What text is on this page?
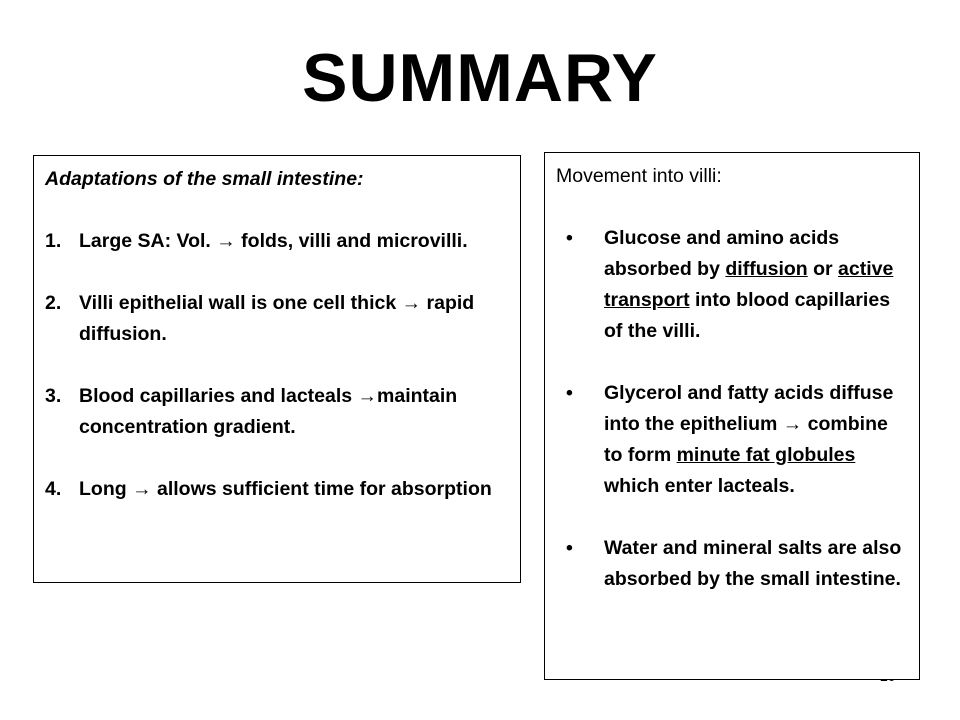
SUMMARY
Adaptations of the small intestine:
1. Large SA: Vol. → folds, villi and microvilli.
2. Villi epithelial wall is one cell thick → rapid diffusion.
3. Blood capillaries and lacteals →maintain concentration gradient.
4. Long → allows sufficient time for absorption
Movement into villi:
•	Glucose and amino acids absorbed by diffusion or active transport into blood capillaries of the villi.
•	Glycerol and fatty acids diffuse into the epithelium → combine to form minute fat globules which enter lacteals.
•	Water and mineral salts are also absorbed by the small intestine.
